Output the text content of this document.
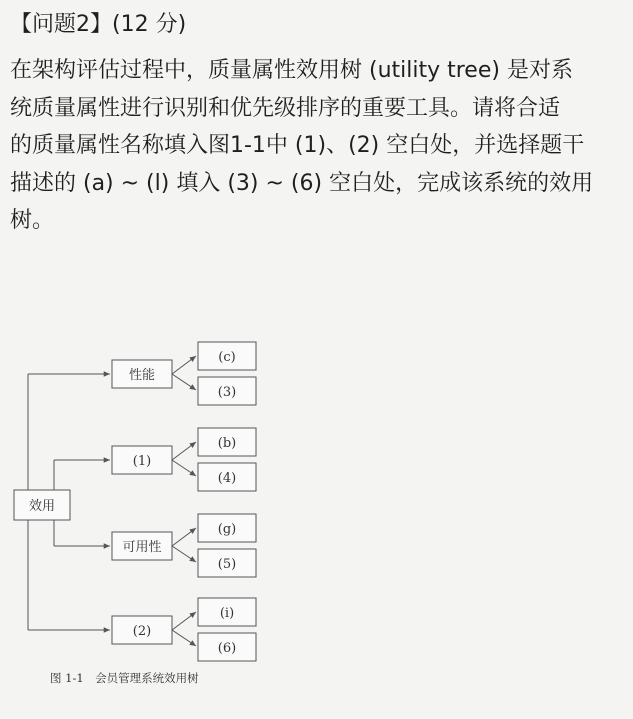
【问题2】(12 分)
在架构评估过程中，质量属性效用树 (utility tree) 是对系
统质量属性进行识别和优先级排序的重要工具。请将合适
的质量属性名称填入图1-1中 (1)、(2) 空白处，并选择题干
描述的 (a) ~ (l) 填入 (3) ~ (6) 空白处，完成该系统的效用
树。
效用
性能
(c)
(3)
(1)
(b)
(4)
可用性
(g)
(5)
(2)
(i)
(6)
图 1-1　会员管理系统效用树
